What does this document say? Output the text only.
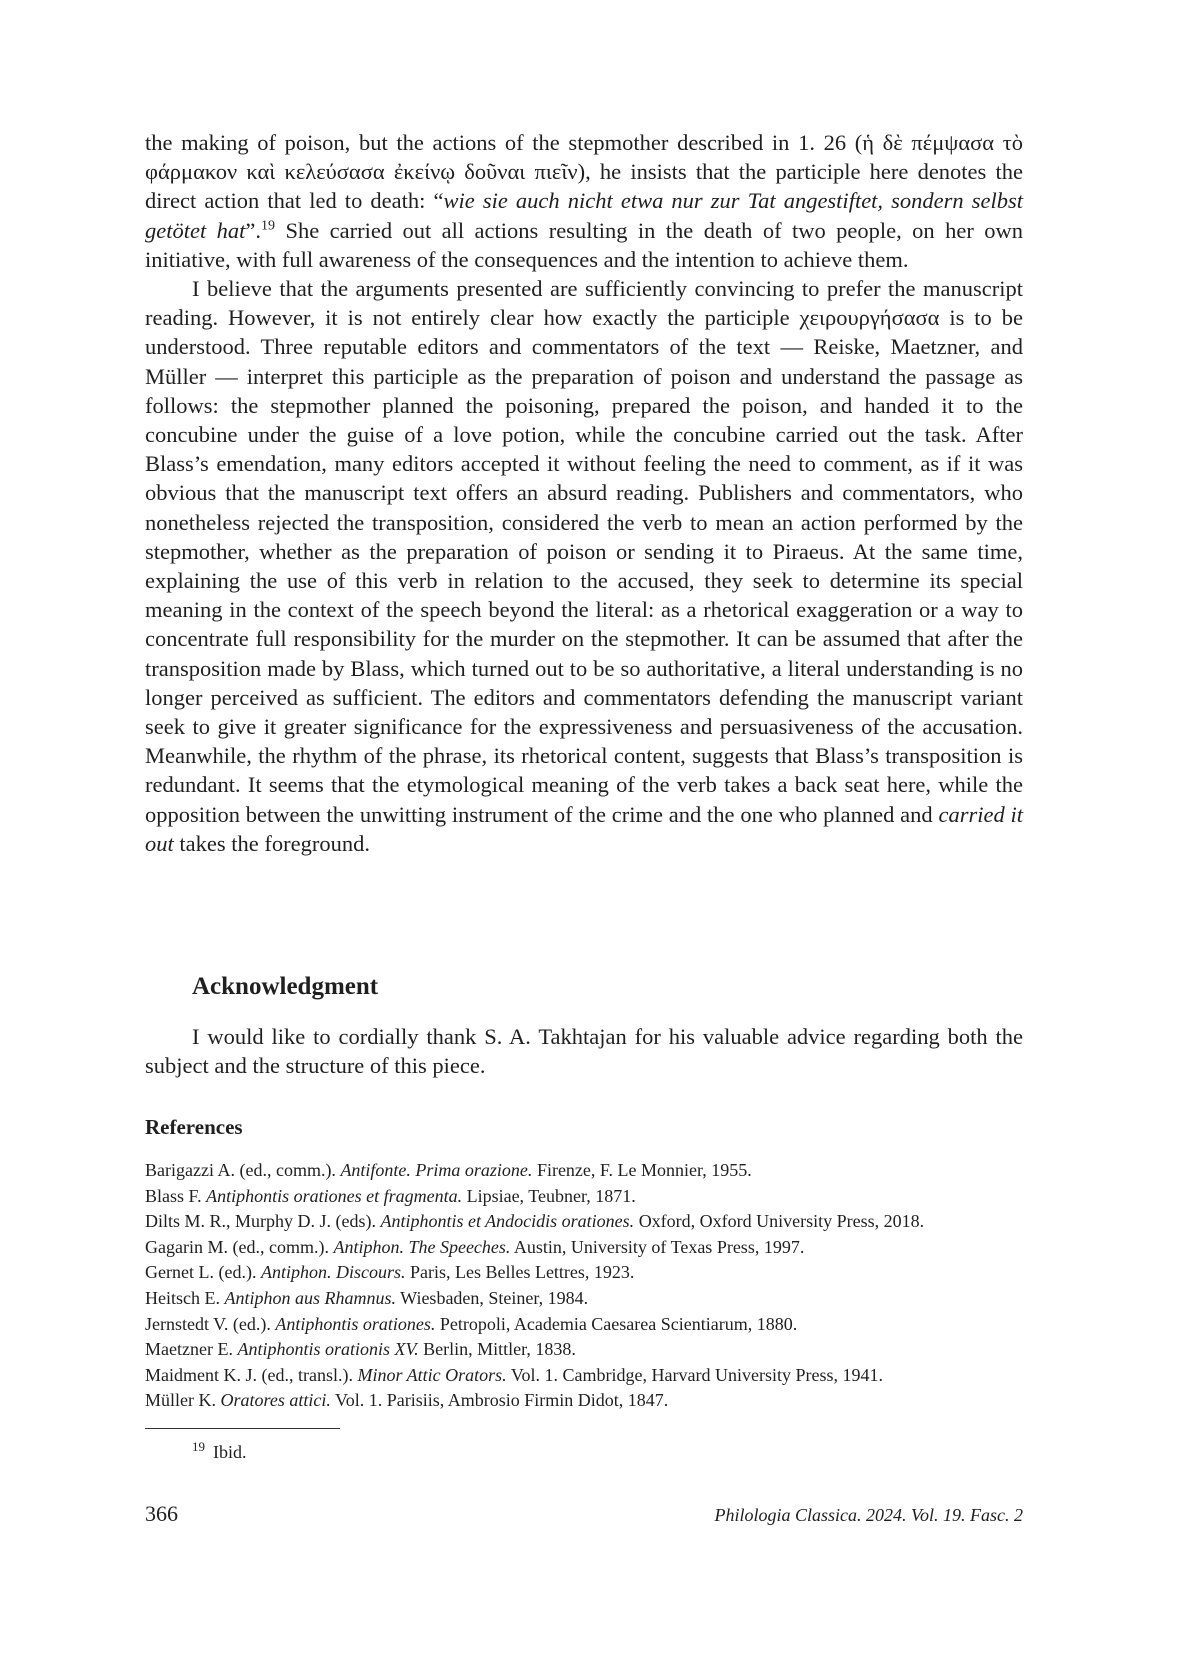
the making of poison, but the actions of the stepmother described in 1. 26 (ἡ δὲ πέμψασα τὸ φάρμακον καὶ κελεύσασα ἐκείνῳ δοῦναι πιεῖν), he insists that the participle here denotes the direct action that led to death: “wie sie auch nicht etwa nur zur Tat angestiftet, sondern selbst getötet hat”.$^{19}$ She carried out all actions resulting in the death of two people, on her own initiative, with full awareness of the consequences and the intention to achieve them.

I believe that the arguments presented are sufficiently convincing to prefer the manuscript reading. However, it is not entirely clear how exactly the participle χειρουργήσασα is to be understood. Three reputable editors and commentators of the text — Reiske, Maetzner, and Müller — interpret this participle as the preparation of poison and understand the passage as follows: the stepmother planned the poisoning, prepared the poison, and handed it to the concubine under the guise of a love potion, while the concubine carried out the task. After Blass’s emendation, many editors accepted it without feeling the need to comment, as if it was obvious that the manuscript text offers an absurd reading. Publishers and commentators, who nonetheless rejected the transposition, considered the verb to mean an action performed by the stepmother, whether as the preparation of poison or sending it to Piraeus. At the same time, explaining the use of this verb in relation to the accused, they seek to determine its special meaning in the context of the speech beyond the literal: as a rhetorical exaggeration or a way to concentrate full responsibility for the murder on the stepmother. It can be assumed that after the transposition made by Blass, which turned out to be so authoritative, a literal understanding is no longer perceived as sufficient. The editors and commentators defending the manuscript variant seek to give it greater significance for the expressiveness and persuasiveness of the accusation. Meanwhile, the rhythm of the phrase, its rhetorical content, suggests that Blass’s transposition is redundant. It seems that the etymological meaning of the verb takes a back seat here, while the opposition between the unwitting instrument of the crime and the one who planned and carried it out takes the foreground.

Acknowledgment

I would like to cordially thank S. A. Takhtajan for his valuable advice regarding both the subject and the structure of this piece.

References
Barigazzi A. (ed., comm.). Antifonte. Prima orazione. Firenze, F. Le Monnier, 1955.
Blass F. Antiphontis orationes et fragmenta. Lipsiae, Teubner, 1871.
Dilts M. R., Murphy D. J. (eds). Antiphontis et Andocidis orationes. Oxford, Oxford University Press, 2018.
Gagarin M. (ed., comm.). Antiphon. The Speeches. Austin, University of Texas Press, 1997.
Gernet L. (ed.). Antiphon. Discours. Paris, Les Belles Lettres, 1923.
Heitsch E. Antiphon aus Rhamnus. Wiesbaden, Steiner, 1984.
Jernstedt V. (ed.). Antiphontis orationes. Petropoli, Academia Caesarea Scientiarum, 1880.
Maetzner E. Antiphontis orationis XV. Berlin, Mittler, 1838.
Maidment K. J. (ed., transl.). Minor Attic Orators. Vol. 1. Cambridge, Harvard University Press, 1941.
Müller K. Oratores attici. Vol. 1. Parisiis, Ambrosio Firmin Didot, 1847.

$^{19}$ Ibid.

366	Philologia Classica. 2024. Vol. 19. Fasc. 2
